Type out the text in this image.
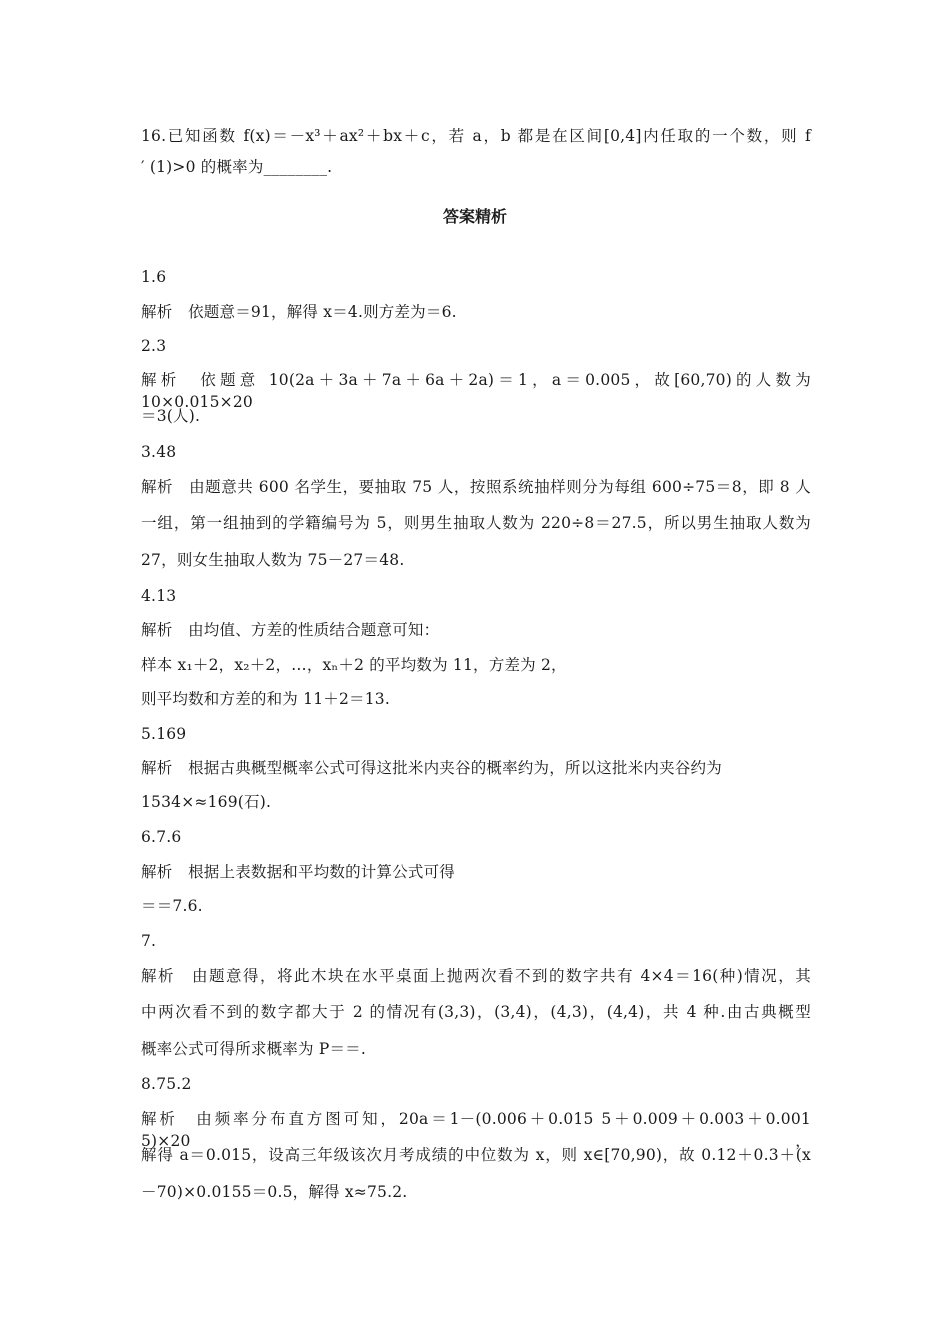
16.已知函数 f(x)＝－x³＋ax²＋bx＋c，若 a，b 都是在区间[0,4]内任取的一个数，则 f
′ (1)>0 的概率为________.
答案精析
1.6
解析　依题意＝91，解得 x＝4.则方差为＝6.
2.3
解析　依题意 10(2a＋3a＋7a＋6a＋2a)＝1，a＝0.005，故[60,70)的人数为 10×0.015×20
＝3(人).
3.48
解析　由题意共 600 名学生，要抽取 75 人，按照系统抽样则分为每组 600÷75＝8，即 8 人
一组，第一组抽到的学籍编号为 5，则男生抽取人数为 220÷8＝27.5，所以男生抽取人数为
27，则女生抽取人数为 75－27＝48.
4.13
解析　由均值、方差的性质结合题意可知：
样本 x₁＋2，x₂＋2，…，xₙ＋2 的平均数为 11，方差为 2，
则平均数和方差的和为 11＋2＝13.
5.169
解析　根据古典概型概率公式可得这批米内夹谷的概率约为，所以这批米内夹谷约为
1534×≈169(石).
6.7.6
解析　根据上表数据和平均数的计算公式可得
＝＝7.6.
7.
解析　由题意得，将此木块在水平桌面上抛两次看不到的数字共有 4×4＝16(种)情况，其
中两次看不到的数字都大于 2 的情况有(3,3)，(3,4)，(4,3)，(4,4)，共 4 种.由古典概型
概率公式可得所求概率为 P＝＝.
8.75.2
解析　由频率分布直方图可知，20a＝1－(0.006＋0.015 5＋0.009＋0.003＋0.001 5)×20，
解得 a＝0.015，设高三年级该次月考成绩的中位数为 x，则 x∈[70,90)，故 0.12＋0.3＋(x
－70)×0.0155＝0.5，解得 x≈75.2.
